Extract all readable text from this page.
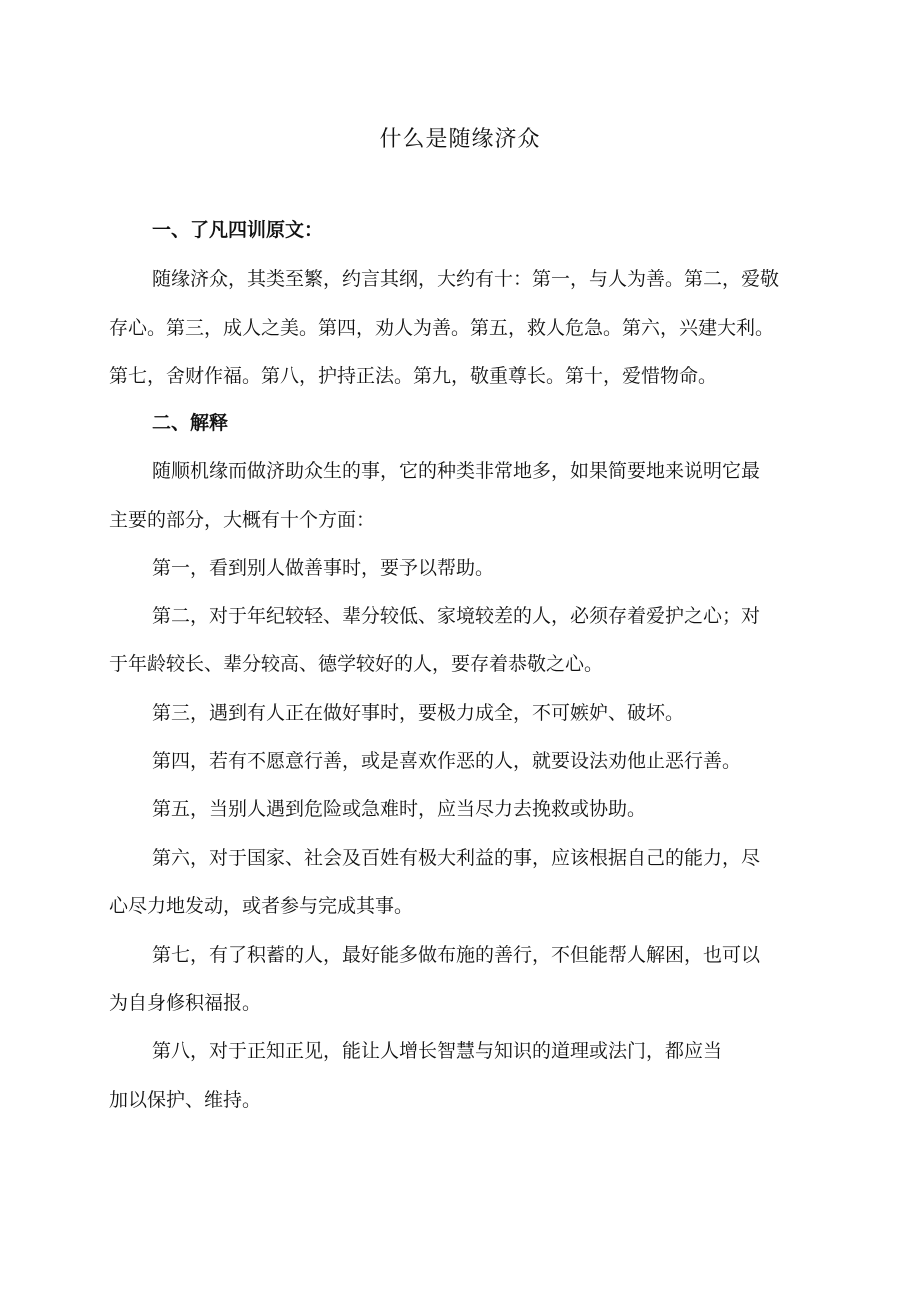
什么是随缘济众
一、了凡四训原文：
随缘济众，其类至繁，约言其纲，大约有十：第一，与人为善。第二，爱敬
存心。第三，成人之美。第四，劝人为善。第五，救人危急。第六，兴建大利。
第七，舍财作福。第八，护持正法。第九，敬重尊长。第十，爱惜物命。
二、解释
随顺机缘而做济助众生的事，它的种类非常地多，如果简要地来说明它最
主要的部分，大概有十个方面：
第一，看到别人做善事时，要予以帮助。
第二，对于年纪较轻、辈分较低、家境较差的人，必须存着爱护之心；对
于年龄较长、辈分较高、德学较好的人，要存着恭敬之心。
第三，遇到有人正在做好事时，要极力成全，不可嫉妒、破坏。
第四，若有不愿意行善，或是喜欢作恶的人，就要设法劝他止恶行善。
第五，当别人遇到危险或急难时，应当尽力去挽救或协助。
第六，对于国家、社会及百姓有极大利益的事，应该根据自己的能力，尽
心尽力地发动，或者参与完成其事。
第七，有了积蓄的人，最好能多做布施的善行，不但能帮人解困，也可以
为自身修积福报。
第八，对于正知正见，能让人增长智慧与知识的道理或法门，都应当
加以保护、维持。
